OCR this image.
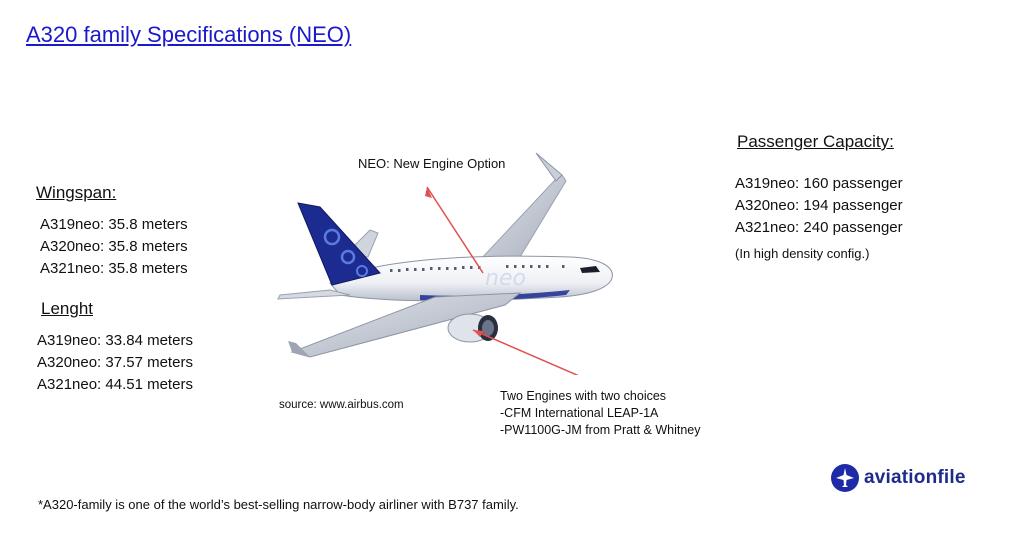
A320 family Specifications (NEO)
Wingspan:
A319neo: 35.8 meters
A320neo: 35.8 meters
A321neo: 35.8 meters
Lenght
A319neo: 33.84 meters
A320neo: 37.57 meters
A321neo: 44.51 meters
Passenger Capacity:
A319neo: 160 passenger
A320neo: 194 passenger
A321neo: 240 passenger
(In high density config.)
NEO: New Engine Option
neo
Two Engines with two choices
-CFM International LEAP-1A
-PW1100G-JM from Pratt & Whitney
source: www.airbus.com
*A320-family is one of the world’s best-selling narrow-body airliner with B737 family.
aviationfile
